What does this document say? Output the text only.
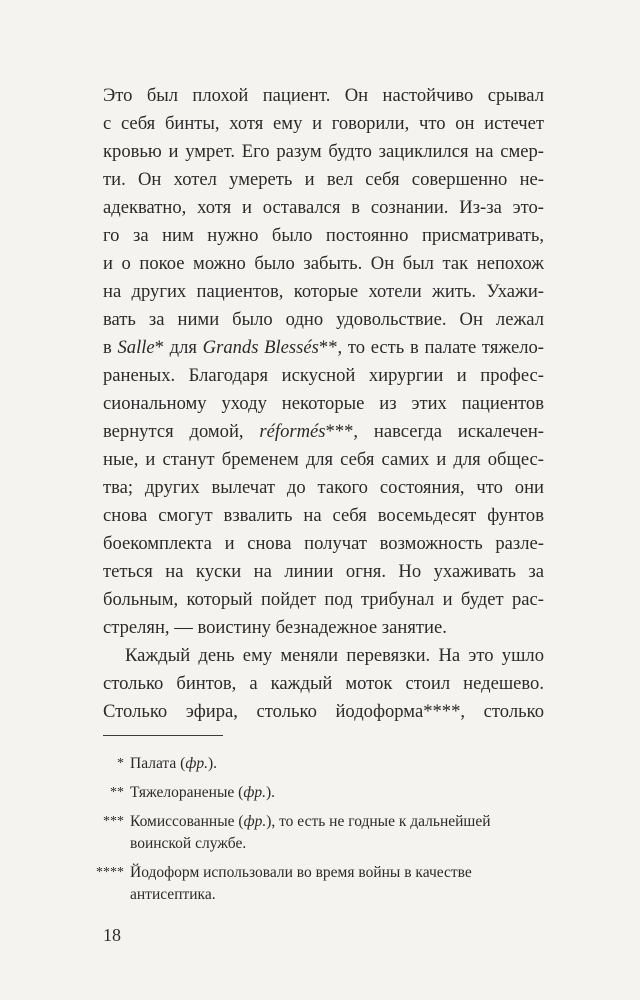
Это был плохой пациент. Он настойчиво срывал
с себя бинты, хотя ему и говорили, что он истечет
кровью и умрет. Его разум будто зациклился на смер-
ти. Он хотел умереть и вел себя совершенно не-
адекватно, хотя и оставался в сознании. Из-за это-
го за ним нужно было постоянно присматривать,
и о покое можно было забыть. Он был так непохож
на других пациентов, которые хотели жить. Ухажи-
вать за ними было одно удовольствие. Он лежал
в Salle* для Grands Blessés**, то есть в палате тяжело-
раненых. Благодаря искусной хирургии и профес-
сиональному уходу некоторые из этих пациентов
вернутся домой, réformés***, навсегда искалечен-
ные, и станут бременем для себя самих и для общес-
тва; других вылечат до такого состояния, что они
снова смогут взвалить на себя восемьдесят фунтов
боекомплекта и снова получат возможность разле-
теться на куски на линии огня. Но ухаживать за
больным, который пойдет под трибунал и будет рас-
стрелян, — воистину безнадежное занятие.
Каждый день ему меняли перевязки. На это ушло
столько бинтов, а каждый моток стоил недешево.
Столько эфира, столько йодоформа****, столько
* Палата (фр.).
** Тяжелораненые (фр.).
*** Комиссованные (фр.), то есть не годные к дальнейшей
воинской службе.
**** Йодоформ использовали во время войны в качестве
антисептика.
18
